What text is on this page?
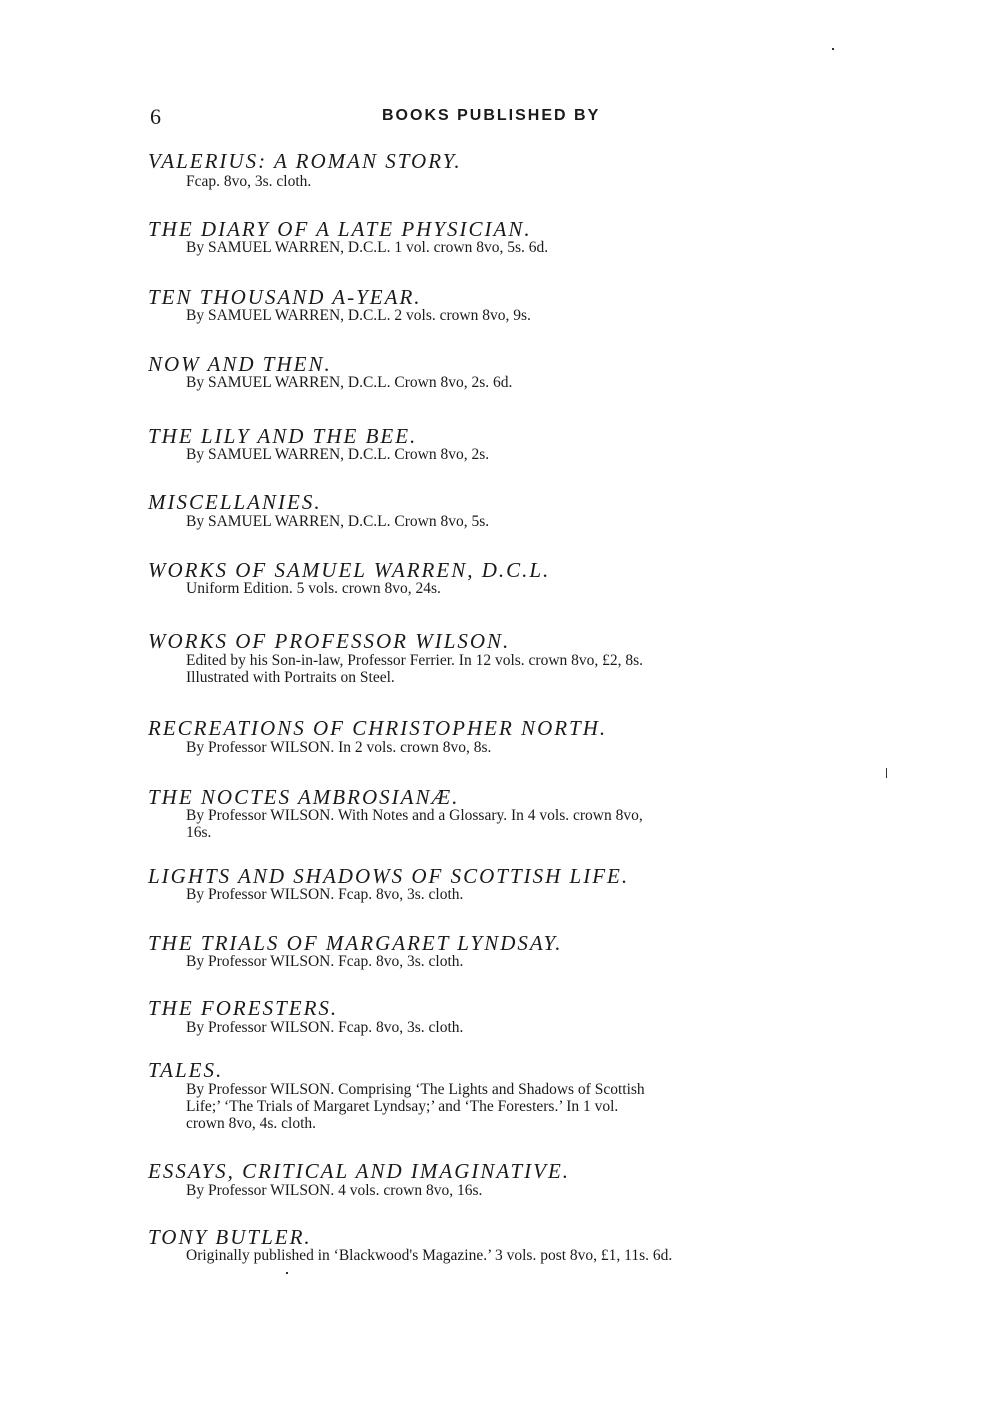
6	BOOKS PUBLISHED BY
VALERIUS: A ROMAN STORY.
Fcap. 8vo, 3s. cloth.
THE DIARY OF A LATE PHYSICIAN.
By SAMUEL WARREN, D.C.L. 1 vol. crown 8vo, 5s. 6d.
TEN THOUSAND A-YEAR.
By SAMUEL WARREN, D.C.L. 2 vols. crown 8vo, 9s.
NOW AND THEN.
By SAMUEL WARREN, D.C.L. Crown 8vo, 2s. 6d.
THE LILY AND THE BEE.
By SAMUEL WARREN, D.C.L. Crown 8vo, 2s.
MISCELLANIES.
By SAMUEL WARREN, D.C.L. Crown 8vo, 5s.
WORKS OF SAMUEL WARREN, D.C.L.
Uniform Edition. 5 vols. crown 8vo, 24s.
WORKS OF PROFESSOR WILSON.
Edited by his Son-in-law, Professor Ferrier. In 12 vols. crown 8vo, £2, 8s.
Illustrated with Portraits on Steel.
RECREATIONS OF CHRISTOPHER NORTH.
By Professor WILSON. In 2 vols. crown 8vo, 8s.
THE NOCTES AMBROSIANÆ.
By Professor WILSON. With Notes and a Glossary. In 4 vols. crown 8vo,
16s.
LIGHTS AND SHADOWS OF SCOTTISH LIFE.
By Professor WILSON. Fcap. 8vo, 3s. cloth.
THE TRIALS OF MARGARET LYNDSAY.
By Professor WILSON. Fcap. 8vo, 3s. cloth.
THE FORESTERS.
By Professor WILSON. Fcap. 8vo, 3s. cloth.
TALES.
By Professor WILSON. Comprising ‘The Lights and Shadows of Scottish
Life;’ ‘The Trials of Margaret Lyndsay;’ and ‘The Foresters.’ In 1 vol.
crown 8vo, 4s. cloth.
ESSAYS, CRITICAL AND IMAGINATIVE.
By Professor WILSON. 4 vols. crown 8vo, 16s.
TONY BUTLER.
Originally published in ‘Blackwood's Magazine.’ 3 vols. post 8vo, £1, 11s. 6d.
